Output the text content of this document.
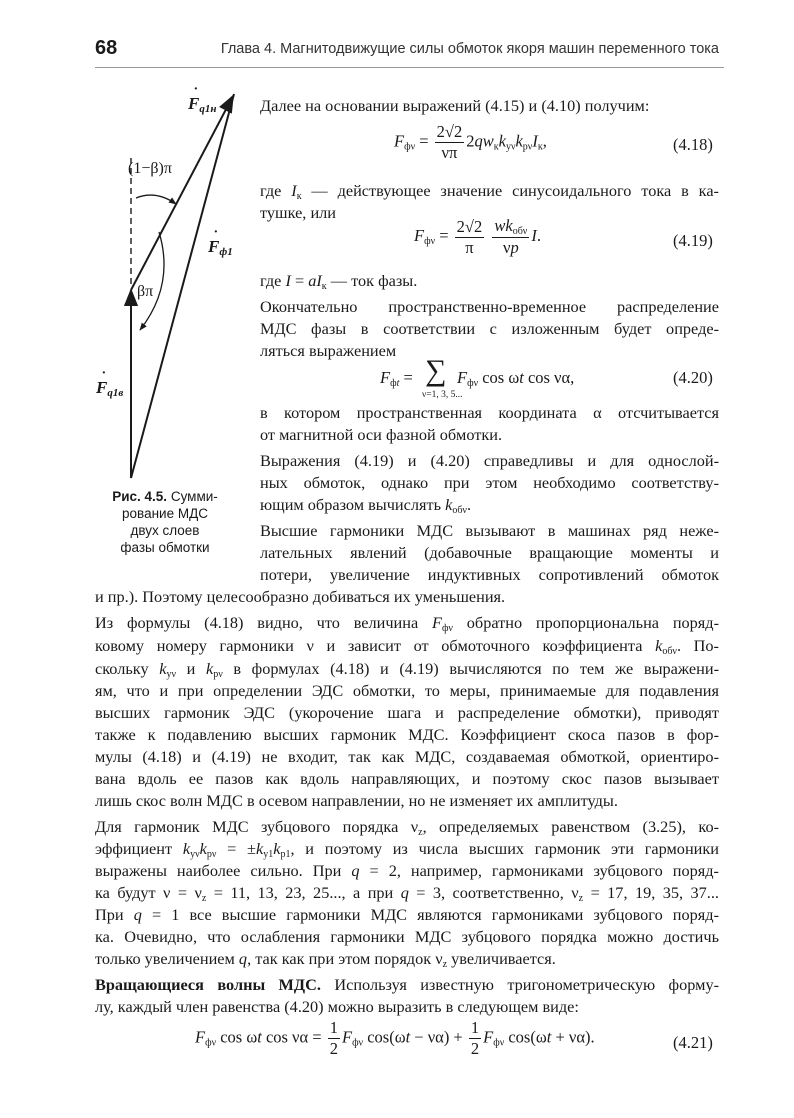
68	Глава 4. Магнитодвижущие силы обмоток якоря машин переменного тока
·
$F_{q1н}$
(1−β)π
·
$F_{ф1}$
βπ
·
$F_{q1в}$
Рис. 4.5. Сумми-
рование МДС
двух слоев
фазы обмотки
Далее на основании выражений (4.15) и (4.10) получим:
$F_{ф\nu} = \frac{2√2}{\nu\pi} 2qw_кk_{y\nu}k_{p\nu}I_к$,	(4.18)
где $I_к$ — действующее значение синусоидального тока в ка-
тушке, или
$F_{ф\nu} = \frac{2√2}{\pi}$
$\frac{wk_{об\nu}}{\nu p} I$.	(4.19)
где $I = aI_к$ — ток фазы.
Окончательно пространственно-временное распределение
МДС фазы в соответствии с изложенным будет опреде-
ляться выражением
$F_{фt}$ = ∑
ν=1, 3, 5...
$F_{ф\nu}$ cos ωt cos να,	(4.20)
в котором пространственная координата α отсчитывается
от магнитной оси фазной обмотки.
Выражения (4.19) и (4.20) справедливы и для однослой-
ных обмоток, однако при этом необходимо соответству-
ющим образом вычислять $k_{об\nu}$.
Высшие гармоники МДС вызывают в машинах ряд неже-
лательных явлений (добавочные вращающие моменты и
потери, увеличение индуктивных сопротивлений обмоток
и пр.). Поэтому целесообразно добиваться их уменьшения.
Из формулы (4.18) видно, что величина $F_{ф\nu}$ обратно пропорциональна поряд-
ковому номеру гармоники ν и зависит от обмоточного коэффициента $k_{об\nu}$. По-
скольку $k_{y\nu}$ и $k_{p\nu}$ в формулах (4.18) и (4.19) вычисляются по тем же выражени-
ям, что и при определении ЭДС обмотки, то меры, принимаемые для подавления
высших гармоник ЭДС (укорочение шага и распределение обмотки), приводят
также к подавлению высших гармоник МДС. Коэффициент скоса пазов в фор-
мулы (4.18) и (4.19) не входит, так как МДС, создаваемая обмоткой, ориентиро-
вана вдоль ее пазов как вдоль направляющих, и поэтому скос пазов вызывает
лишь скос волн МДС в осевом направлении, но не изменяет их амплитуды.
Для гармоник МДС зубцового порядка $\nu_z$, определяемых равенством (3.25), ко-
эффициент $k_{y\nu}k_{p\nu} = \pm k_{y1}k_{p1}$, и поэтому из числа высших гармоник эти гармоники
выражены наиболее сильно. При q = 2, например, гармониками зубцового поряд-
ка будут $\nu = \nu_z = 11$, 13, 23, 25..., а при q = 3, соответственно, $\nu_z = 17$, 19, 35, 37...
При q = 1 все высшие гармоники МДС являются гармониками зубцового поряд-
ка. Очевидно, что ослабления гармоники МДС зубцового порядка можно достичь
только увеличением q, так как при этом порядок $\nu_z$ увеличивается.
Вращающиеся волны МДС. Используя известную тригонометрическую форму-
лу, каждый член равенства (4.20) можно выразить в следующем виде:
$F_{ф\nu}$ cos ωt $\cos \nu\alpha = \frac{1}{2} F_{ф\nu}$ $\cos(\omega t - \nu\alpha) + \frac{1}{2} F_{ф\nu}$ cos(ωt + να).	(4.21)
